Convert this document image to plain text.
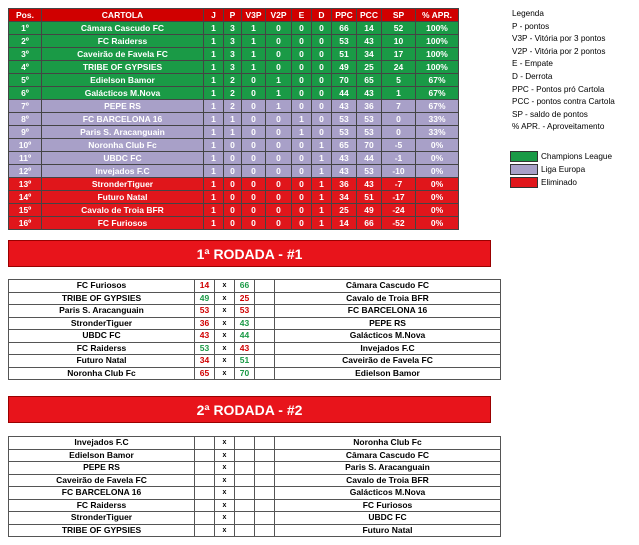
Pos.	CARTOLA	J	P	V3P	V2P	E	D	PPC	PCC	SP	% APR.
1º	Câmara Cascudo FC	1	3	1	0	0	0	66	14	52	100%
2º	FC Raiderss	1	3	1	0	0	0	53	43	10	100%
3º	Caveirão de Favela FC	1	3	1	0	0	0	51	34	17	100%
4º	TRIBE OF GYPSIES	1	3	1	0	0	0	49	25	24	100%
5º	Edielson Bamor	1	2	0	1	0	0	70	65	5	67%
6º	Galácticos M.Nova	1	2	0	1	0	0	44	43	1	67%
7º	PEPE RS	1	2	0	1	0	0	43	36	7	67%
8º	FC BARCELONA 16	1	1	0	0	1	0	53	53	0	33%
9º	Paris S. Aracanguain	1	1	0	0	1	0	53	53	0	33%
10º	Noronha Club Fc	1	0	0	0	0	1	65	70	-5	0%
11º	UBDC FC	1	0	0	0	0	1	43	44	-1	0%
12º	Invejados F.C	1	0	0	0	0	1	43	53	-10	0%
13º	StronderTiguer	1	0	0	0	0	1	36	43	-7	0%
14º	Futuro Natal	1	0	0	0	0	1	34	51	-17	0%
15º	Cavalo de Troia BFR	1	0	0	0	0	1	25	49	-24	0%
16º	FC Furiosos	1	0	0	0	0	1	14	66	-52	0%
Legenda
P - pontos
V3P - Vitória por 3 pontos
V2P - Vitória por 2 pontos
E - Empate
D - Derrota
PPC - Pontos pró Cartola
PCC - pontos contra Cartola
SP - saldo de pontos
% APR. - Aproveitamento
Champions League
Liga Europa
Eliminado
1ª RODADA - #1
FC Furiosos	14	x	66		Câmara Cascudo FC
TRIBE OF GYPSIES	49	x	25		Cavalo de Troia BFR
Paris S. Aracanguain	53	x	53		FC BARCELONA 16
StronderTiguer	36	x	43		PEPE RS
UBDC FC	43	x	44		Galácticos M.Nova
FC Raiderss	53	x	43		Invejados F.C
Futuro Natal	34	x	51		Caveirão de Favela FC
Noronha Club Fc	65	x	70		Edielson Bamor
2ª RODADA - #2
Invejados F.C		x			Noronha Club Fc
Edielson Bamor		x			Câmara Cascudo FC
PEPE RS		x			Paris S. Aracanguain
Caveirão de Favela FC		x			Cavalo de Troia BFR
FC BARCELONA 16		x			Galácticos M.Nova
FC Raiderss		x			FC Furiosos
StronderTiguer		x			UBDC FC
TRIBE OF GYPSIES		x			Futuro Natal
